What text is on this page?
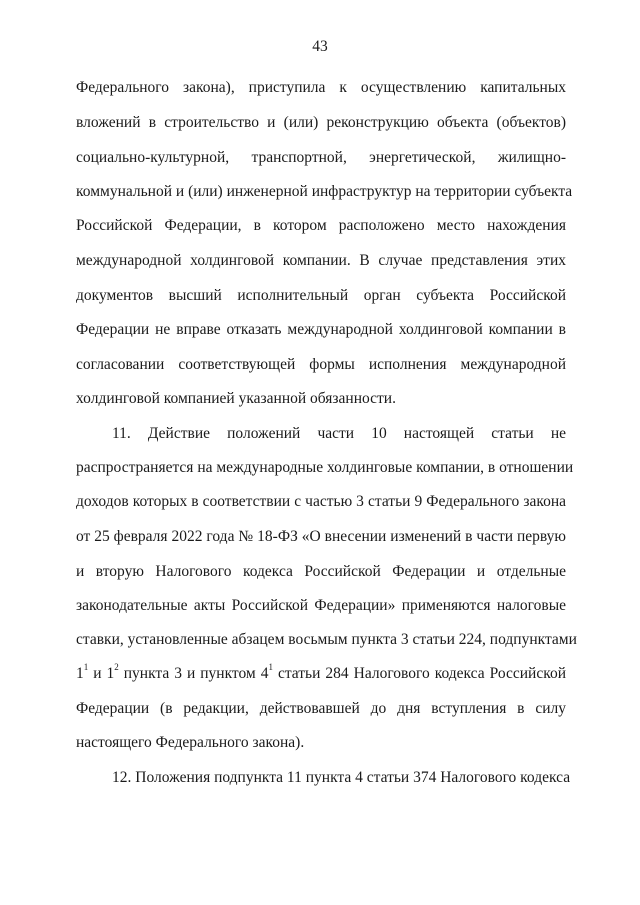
43
Федерального закона), приступила к осуществлению капитальных
вложений в строительство и (или) реконструкцию объекта (объектов)
социально-культурной, транспортной, энергетической, жилищно-
коммунальной и (или) инженерной инфраструктур на территории субъекта
Российской Федерации, в котором расположено место нахождения
международной холдинговой компании. В случае представления этих
документов высший исполнительный орган субъекта Российской
Федерации не вправе отказать международной холдинговой компании в
согласовании соответствующей формы исполнения международной
холдинговой компанией указанной обязанности.
11. Действие положений части 10 настоящей статьи не
распространяется на международные холдинговые компании, в отношении
доходов которых в соответствии с частью 3 статьи 9 Федерального закона
от 25 февраля 2022 года № 18-ФЗ «О внесении изменений в части первую
и вторую Налогового кодекса Российской Федерации и отдельные
законодательные акты Российской Федерации» применяются налоговые
ставки, установленные абзацем восьмым пункта 3 статьи 224, подпунктами
$1^1$ и $1^2$ пункта 3 и пунктом $4^1$ статьи 284 Налогового кодекса Российской
Федерации (в редакции, действовавшей до дня вступления в силу
настоящего Федерального закона).
12. Положения подпункта 11 пункта 4 статьи 374 Налогового кодекса
